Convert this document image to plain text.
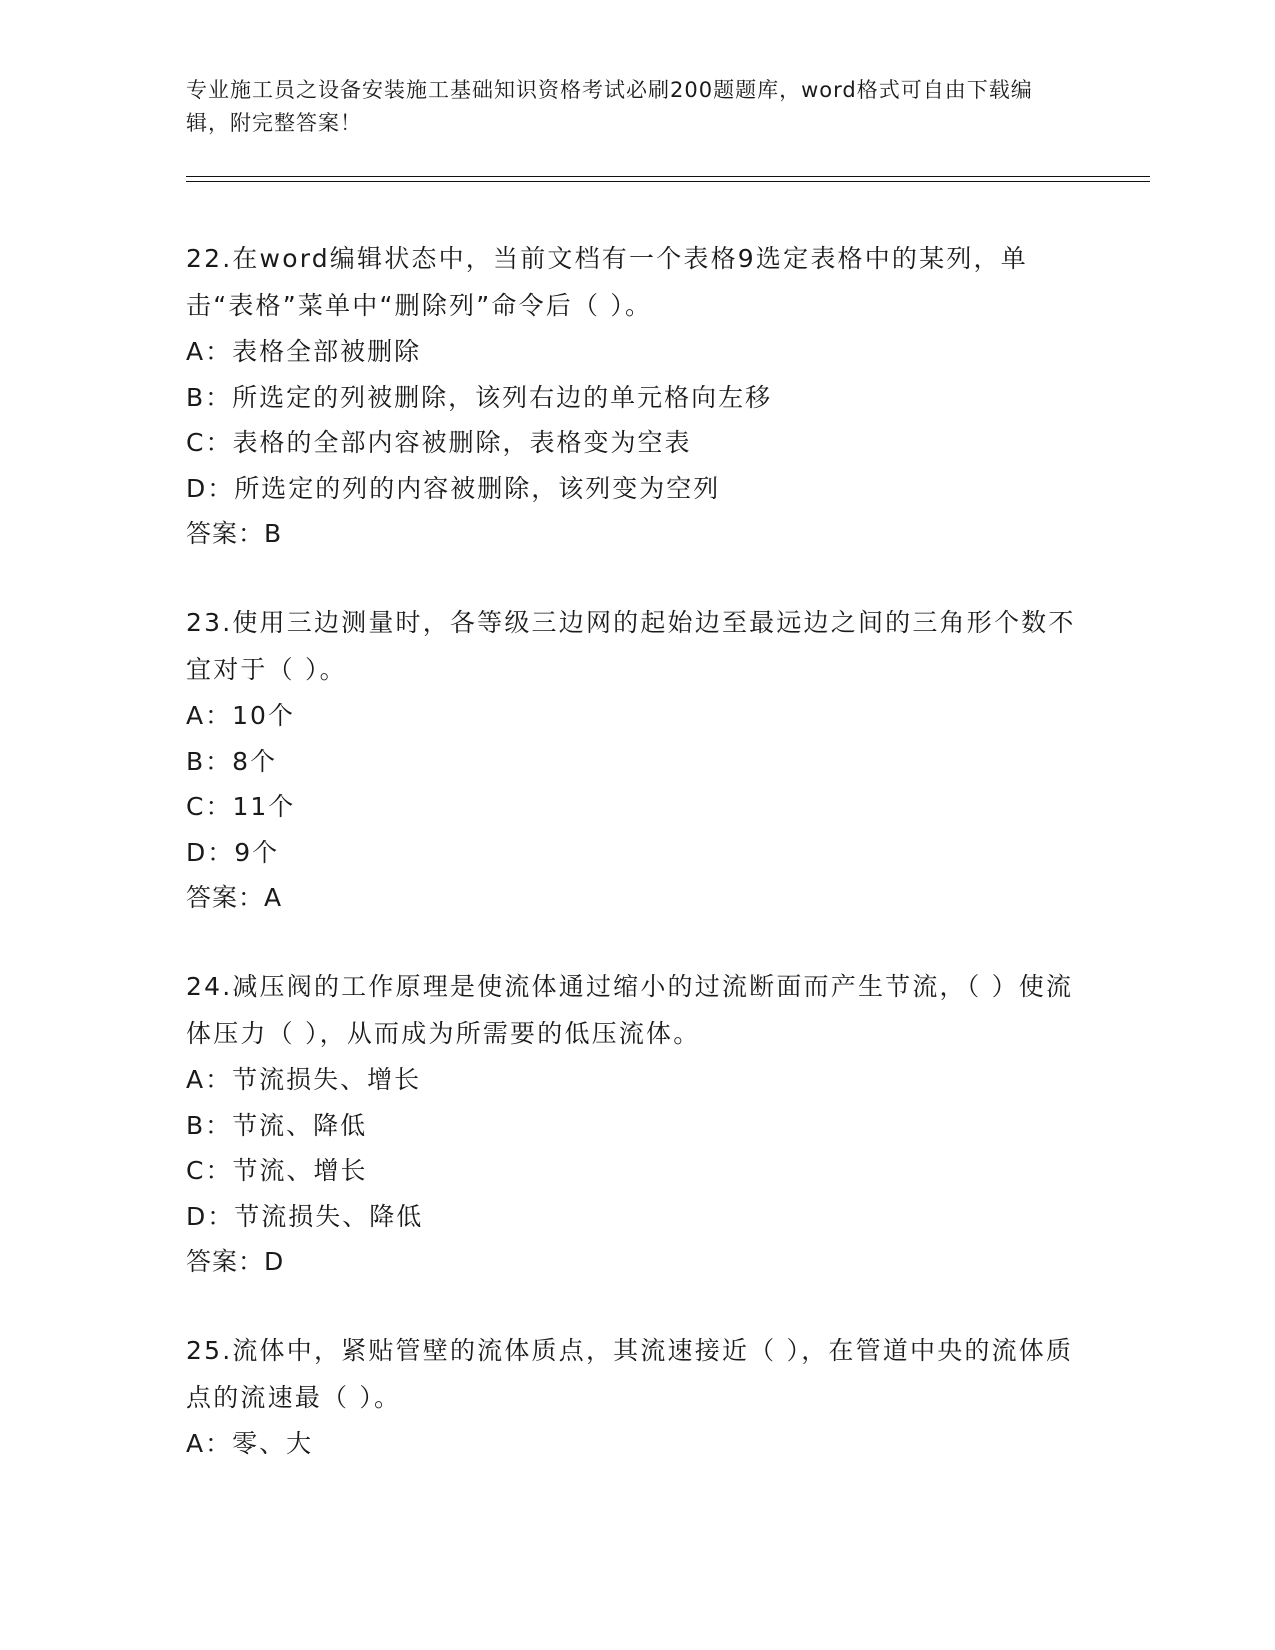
专业施工员之设备安装施工基础知识资格考试必刷200题题库，word格式可自由下载编辑，附完整答案！

22.在word编辑状态中，当前文档有一个表格9选定表格中的某列，单击“表格”菜单中“删除列”命令后（ ）。

A：表格全部被删除

B：所选定的列被删除，该列右边的单元格向左移

C：表格的全部内容被删除，表格变为空表

D：所选定的列的内容被删除，该列变为空列

答案：B

23.使用三边测量时，各等级三边网的起始边至最远边之间的三角形个数不宜对于（ ）。

A：10个

B：8个

C：11个

D：9个

答案：A

24.减压阀的工作原理是使流体通过缩小的过流断面而产生节流，（ ）使流体压力（ ），从而成为所需要的低压流体。

A：节流损失、增长

B：节流、降低

C：节流、增长

D：节流损失、降低

答案：D

25.流体中，紧贴管壁的流体质点，其流速接近（ ），在管道中央的流体质点的流速最（ ）。

A：零、大
